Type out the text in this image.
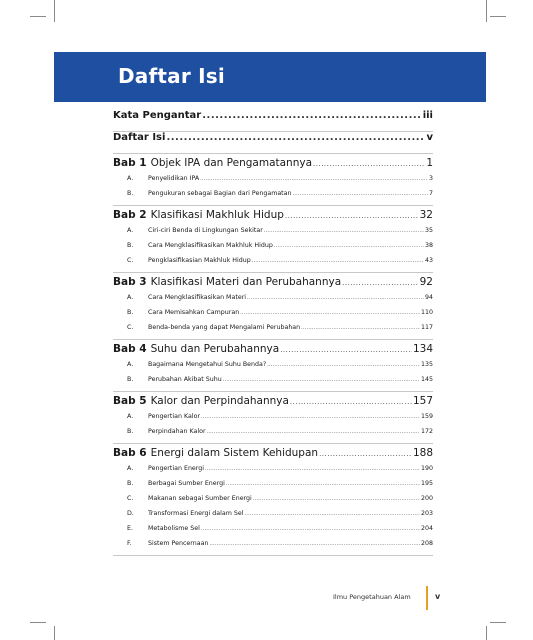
Daftar Isi
Kata Pengantar .....	iii
Daftar Isi .....	v
Bab 1 Objek IPA dan Pengamatannya .....	1
A.	Penyelidikan IPA .....	3
B.	Pengukuran sebagai Bagian dari Pengamatan .....	7
Bab 2 Klasifikasi Makhluk Hidup .....	32
A.	Ciri-ciri Benda di Lingkungan Sekitar .....	35
B.	Cara Mengklasifikasikan Makhluk Hidup .....	38
C.	Pengklasifikasian Makhluk Hidup .....	43
Bab 3 Klasifikasi Materi dan Perubahannya .....	92
A.	Cara Mengklasifikasikan Materi .....	94
B.	Cara Memisahkan Campuran .....	110
C.	Benda-benda yang dapat Mengalami Perubahan .....	117
Bab 4 Suhu dan Perubahannya .....	134
A.	Bagaimana Mengetahui Suhu Benda? .....	135
B.	Perubahan Akibat Suhu .....	145
Bab 5 Kalor dan Perpindahannya .....	157
A.	Pengertian Kalor .....	159
B.	Perpindahan Kalor .....	172
Bab 6 Energi dalam Sistem Kehidupan .....	188
A.	Pengertian Energi .....	190
B.	Berbagai Sumber Energi .....	195
C.	Makanan sebagai Sumber Energi .....	200
D.	Transformasi Energi dalam Sel .....	203
E.	Metabolisme Sel .....	204
F.	Sistem Pencernaan .....	208
Ilmu Pengetahuan Alam	v
